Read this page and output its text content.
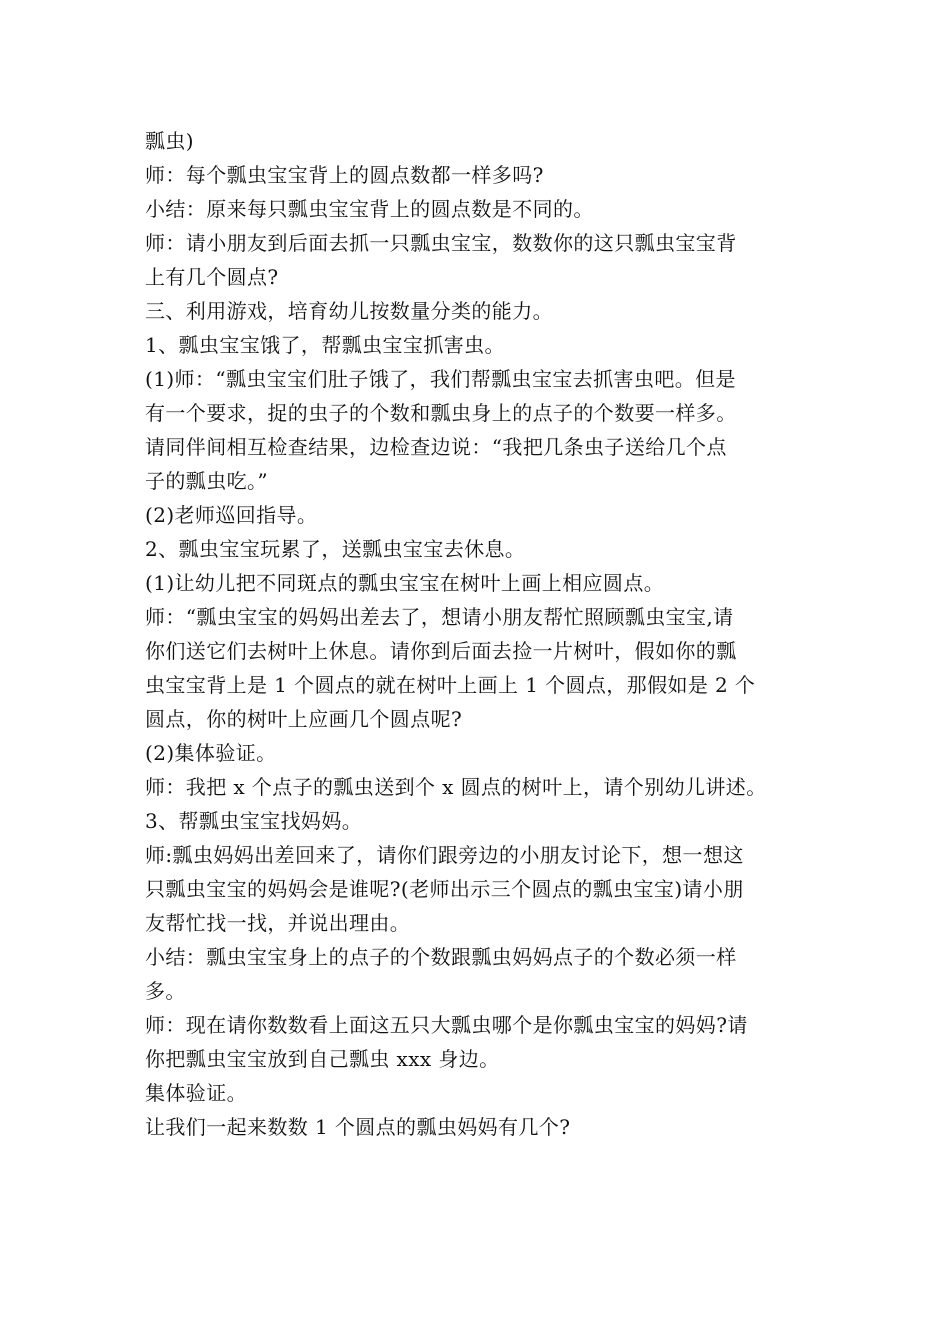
瓢虫)
师：每个瓢虫宝宝背上的圆点数都一样多吗?
小结：原来每只瓢虫宝宝背上的圆点数是不同的。
师：请小朋友到后面去抓一只瓢虫宝宝，数数你的这只瓢虫宝宝背
上有几个圆点?
三、利用游戏，培育幼儿按数量分类的能力。
1、瓢虫宝宝饿了，帮瓢虫宝宝抓害虫。
(1)师：“瓢虫宝宝们肚子饿了，我们帮瓢虫宝宝去抓害虫吧。但是
有一个要求，捉的虫子的个数和瓢虫身上的点子的个数要一样多。
请同伴间相互检查结果，边检查边说：“我把几条虫子送给几个点
子的瓢虫吃。”
(2)老师巡回指导。
2、瓢虫宝宝玩累了，送瓢虫宝宝去休息。
(1)让幼儿把不同斑点的瓢虫宝宝在树叶上画上相应圆点。
师：“瓢虫宝宝的妈妈出差去了，想请小朋友帮忙照顾瓢虫宝宝,请
你们送它们去树叶上休息。请你到后面去捡一片树叶，假如你的瓢
虫宝宝背上是 1 个圆点的就在树叶上画上 1 个圆点，那假如是 2 个
圆点，你的树叶上应画几个圆点呢?
(2)集体验证。
师：我把 x 个点子的瓢虫送到个 x 圆点的树叶上，请个别幼儿讲述。
3、帮瓢虫宝宝找妈妈。
师:瓢虫妈妈出差回来了，请你们跟旁边的小朋友讨论下，想一想这
只瓢虫宝宝的妈妈会是谁呢?(老师出示三个圆点的瓢虫宝宝)请小朋
友帮忙找一找，并说出理由。
小结：瓢虫宝宝身上的点子的个数跟瓢虫妈妈点子的个数必须一样
多。
师：现在请你数数看上面这五只大瓢虫哪个是你瓢虫宝宝的妈妈?请
你把瓢虫宝宝放到自己瓢虫 xxx 身边。
集体验证。
让我们一起来数数 1 个圆点的瓢虫妈妈有几个?
